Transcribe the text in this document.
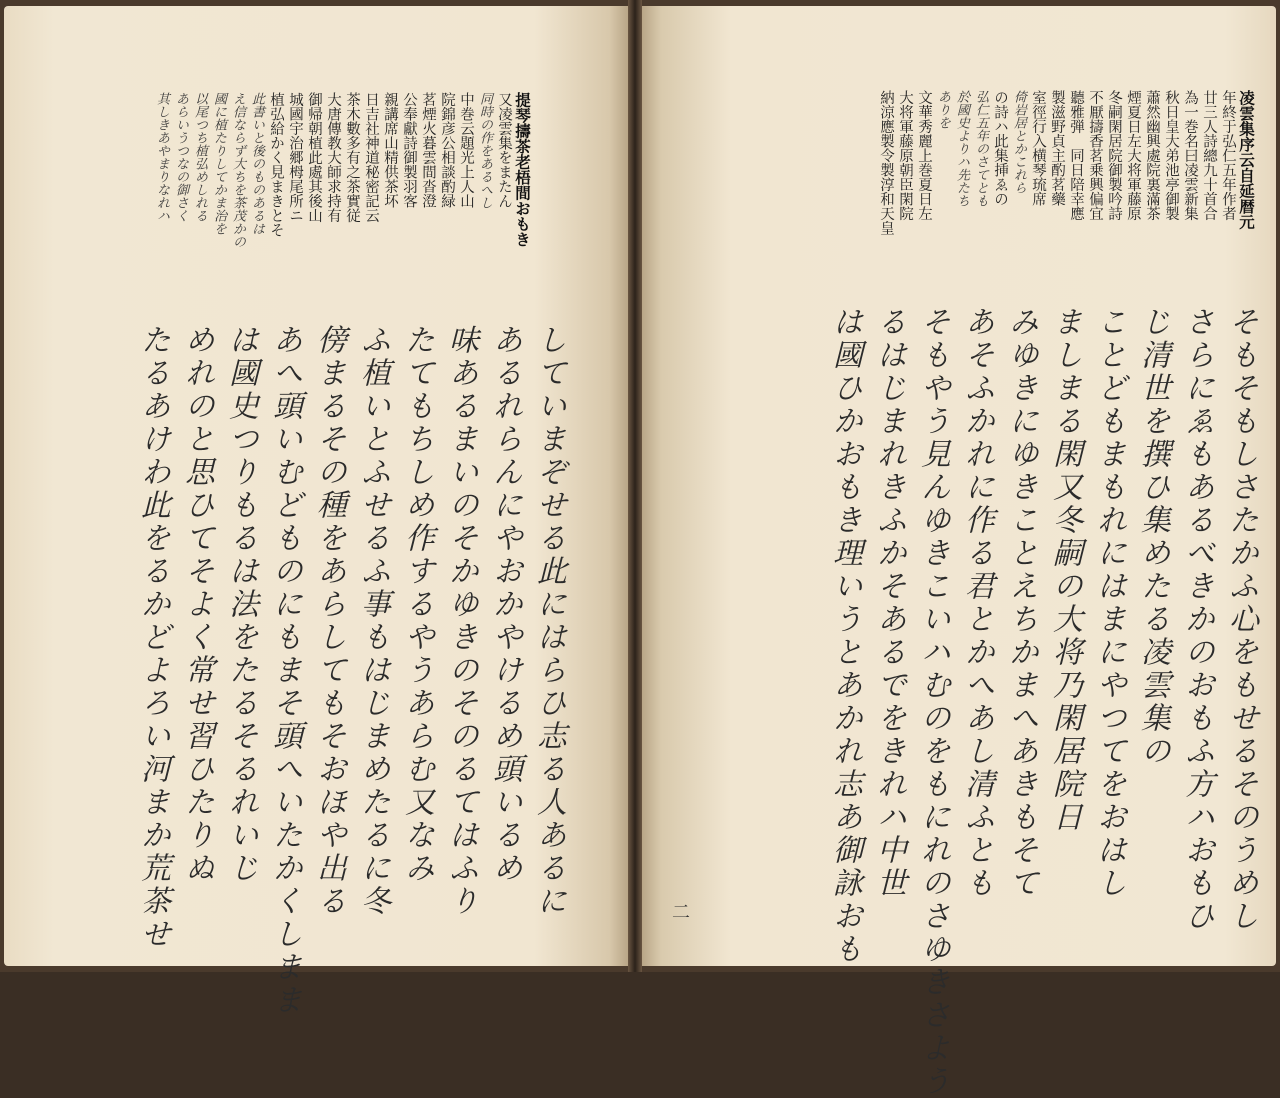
提琴擣茶老梧間おもき
又凌雲集をまたん
同時の作をあるへし
中巻云題光上人山
院錦彦公相談酌緑
茗煙火暮雲間沓澄
公奉獻詩御製羽客
親講席山精供茶坏
日吉社神道秘密記云
茶木數多有之茶實従
大唐傳教大師求持有
御帰朝植此處其後山
城國宇治郷栂尾所ニ
植弘給かく見まきとそ
此書いと後のものあるは
え信ならず大ちを茶茂かの
國に植たりしてかま治を
以尾つち植弘めしれる
あらいうつなの御さく
其しきあやまりなれハ
していまぞせる此にはらひ志る人あるに
あるれらんにやおかやけるめ頭いるめ
味あるまいのそかゆきのそのるてはふり
たてもちしめ作するやうあらむ又なみ
ふ植いとふせるふ事もはじまめたるに冬
傍まるその種をあらしてもそおほや出る
あへ頭いむどものにもまそ頭へいたかくしまま
は國史つりもるは法をたるそるれいじ
めれのと思ひてそよく常せ習ひたりぬ
たるあけわ此をるかどよろい河まか荒茶せ
凌雲集序云自延暦元
年終于弘仁五年作者
廿三人詩總九十首合
為一巻名曰凌雲新集
秋日皇大弟池亭御製
蕭然幽興處院裏滿茶
煙夏日左大将軍藤原
冬嗣閑居院御製吟詩
不厭擣香茗乗興偏宜
聽雅弾　同日陪幸應
製滋野貞主酌茗藥
室徑行入横琴琉席
倚岩居とかこれら
の詩ハ此集挿ゑの
弘仁五年のさてとも
於國史よりハ先たち
ありを
文華秀麗上巻夏日左
大将軍藤原朝臣閑院
納涼應製令製淳和天皇
そもそもしさたかふ心をもせるそのうめし
さらにゑもあるべきかのおもふ方ハおもひ
じ清世を撰ひ集めたる凌雲集の
ことどもまもれにはまにやつてをおはし
ましまる閑又冬嗣の大将乃閑居院日
みゆきにゆきことえちかまへあきもそて
あそふかれに作る君とかへあし清ふとも
そもやう見んゆきこいハむのをもにれのさゆきさよう
るはじまれきふかそあるでをきれハ中世
は國ひかおもき理いうとあかれ志あ御詠おも
二
